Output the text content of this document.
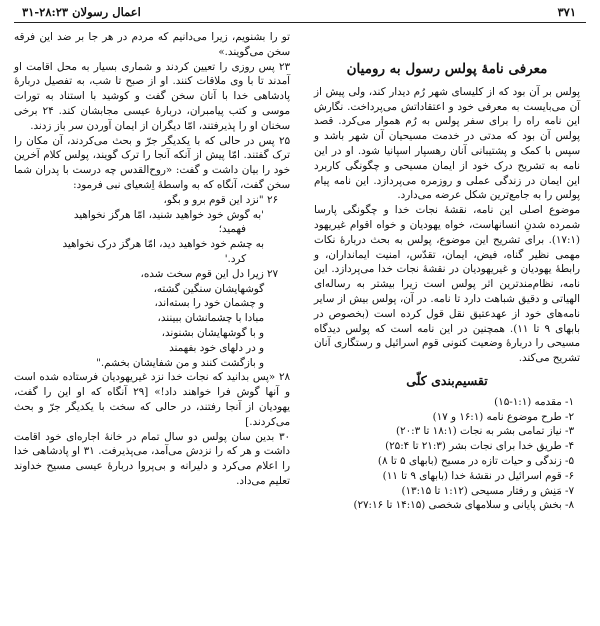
اعمال رسولان ۲۸:۲۳-۳۱	۳۷۱
معرفی نامهٔ پولس رسول به رومیان

پولس بر آن بود که از کلیسای شهر رُم دیدار کند، ولی پیش از آن می‌بایست به معرفی خود و اعتقاداتش می‌پرداخت. نگارش این نامه راه را برای سفر پولس به رُم هموار می‌کرد. قصد پولس آن بود که مدتی در خدمت مسیحیان آن شهر باشد و سپس با کمک و پشتیبانی آنان رهسپار اسپانیا شود. او در این نامه به تشریح درک خود از ایمان مسیحی و چگونگی کاربرد این ایمان در زندگی عملی و روزمره می‌پردازد. این نامه پیام پولس را به جامع‌ترین شکل عرضه می‌دارد.

موضوع اصلی این نامه، نقشهٔ نجات خدا و چگونگی پارسا شمرده شدنِ انسانهاست، خواه یهودیان و خواه اقوام غیریهود (۱۷:۱). برای تشریح این موضوع، پولس به بحث دربارهٔ نکات مهمی نظیر گناه، فیض، ایمان، تقدّس، امنیت ایمانداران، و رابطهٔ یهودیان و غیریهودیان در نقشهٔ نجات خدا می‌پردازد. این نامه، نظام‌مندترین اثر پولس است زیرا بیشتر به رساله‌ای الهیاتی و دقیق شباهت دارد تا نامه. در آن، پولس بیش از سایر نامه‌های خود از عهدعتیق نقل قول کرده است (بخصوص در بابهای ۹ تا ۱۱). همچنین در این نامه است که پولس دیدگاه مسیحی را دربارهٔ وضعیت کنونی قوم اسرائیل و رستگاری آنان تشریح می‌کند.

تقسیم‌بندی کلّی
۱- مقدمه (۱:۱-۱۵)
۲- طرح موضوع نامه (۱۶:۱ و ۱۷)
۳- نیاز تمامی بشر به نجات (۱۸:۱ تا ۲۰:۳)
۴- طریق خدا برای نجات بشر (۲۱:۳ تا ۲۵:۴)
۵- زندگی و حیات تازه در مسیح (بابهای ۵ تا ۸)
۶- قوم اسرائیل در نقشهٔ خدا (بابهای ۹ تا ۱۱)
۷- مَنِش و رفتار مسیحی (۱:۱۲ تا ۱۳:۱۵)
۸- بخش پایانی و سلامهای شخصی (۱۴:۱۵ تا ۲۷:۱۶)

تو را بشنویم، زیرا می‌دانیم که مردم در هر جا بر ضد این فرقه سخن می‌گویند.»

۲۳ پس روزی را تعیین کردند و شماری بسیار به محل اقامت او آمدند تا با وی ملاقات کنند. او از صبح تا شب، به تفصیل دربارهٔ پادشاهی خدا با آنان سخن گفت و کوشید با استناد به تورات موسی و کتب پیامبران، دربارهٔ عیسی مجابشان کند. ۲۴ برخی سخنان او را پذیرفتند، امّا دیگران از ایمان آوردن سر باز زدند.

۲۵ پس در حالی که با یکدیگر جرّ و بحث می‌کردند، آن مکان را ترک گفتند. امّا پیش از آنکه آنجا را ترک گویند، پولس کلام آخرین خود را بیان داشت و گفت: «روح‌القدس چه درست با پدران شما سخن گفت، آنگاه که به واسطهٔ اِشعیای نبی فرمود:

۲۶ "نزد این قوم برو و بگو،

'به گوش خود خواهید شنید، امّا هرگز نخواهید

فهمید؛

به چشم خود خواهید دید، امّا هرگز درک نخواهید

کرد.'

۲۷ زیرا دل این قوم سخت شده،

گوشهایشان سنگین گشته،

و چشمان خود را بسته‌اند،

مبادا با چشمانشان ببینند،

و با گوشهایشان بشنوند،

و در دلهای خود بفهمند

و بازگشت کنند و من شفایشان بخشم."

۲۸ «پس بدانید که نجات خدا نزد غیریهودیان فرستاده شده است و آنها گوش فرا خواهند داد!» [۲۹ آنگاه که او این را گفت، یهودیان از آنجا رفتند، در حالی که سخت با یکدیگر جرّ و بحث می‌کردند.]

۳۰ بدین سان پولس دو سال تمام در خانهٔ اجاره‌ای خود اقامت داشت و هر که را نزدش می‌آمد، می‌پذیرفت. ۳۱ او پادشاهی خدا را اعلام می‌کرد و دلیرانه و بی‌پروا دربارهٔ عیسی مسیح خداوند تعلیم می‌داد.
